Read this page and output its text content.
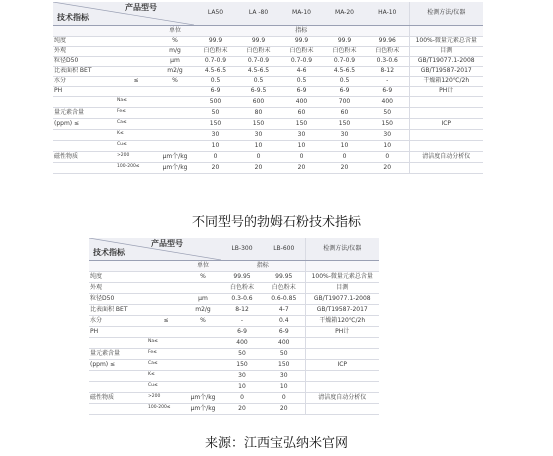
产品型号
技术指标			LA50	LA -80	MA-10	MA-20	HA-10	检测方法/仪器
		单位	指标					
纯度		%	99.9	99.9	99.9	99.9	99.96	100%-微量元素总含量
外观		m/g	白色粉末	白色粉末	白色粉末	白色粉末	白色粉末	目测
粒径D50		μm	0.7-0.9	0.7-0.9	0.7-0.9	0.7-0.9	0.3-0.6	GB/T19077.1-2008
比表面积 BET		m2/g	4.5-6.5	4.5-6.5	4-6	4.5-6.5	8-12	GB/T19587-2017
水分	≤	%	0.5	0.5	0.5	0.5	-	干燥箱120℃/2h
PH			6-9	6-9.5	6-9	6-9	6-9	PH计
	Na≤		500	600	400	700	400	
量元素含量	Fe≤		50	80	60	60	50	
(ppm) ≤	Ca≤		150	150	150	150	150	ICP
	K≤		30	30	30	30	30	
	Cu≤		10	10	10	10	10	
磁性物质	>200	μm个/kg	0	0	0	0	0	清洁度自动分析仪
	100-200≤	μm个/kg	20	20	20	20	20	
不同型号的勃姆石粉技术指标
产品型号
技术指标			LB-300	LB-600	检测方法/仪器
		单位	指标		
纯度		%	99.95	99.95	100%-微量元素总含量
外观			白色粉末	白色粉末	目测
粒径D50		μm	0.3-0.6	0.6-0.85	GB/T19077.1-2008
比表面积 BET		m2/g	8-12	4-7	GB/T19587-2017
水分	≤	%	-	0.4	干燥箱120℃/2h
PH			6-9	6-9	PH计
	Na≤		400	400	
量元素含量	Fe≤		50	50	
(ppm) ≤	Ca≤		150	150	ICP
	K≤		30	30	
	Cu≤		10	10	
磁性物质	>200	μm个/kg	0	0	清洁度自动分析仪
	100-200≤	μm个/kg	20	20	
来源：江西宝弘纳米官网
